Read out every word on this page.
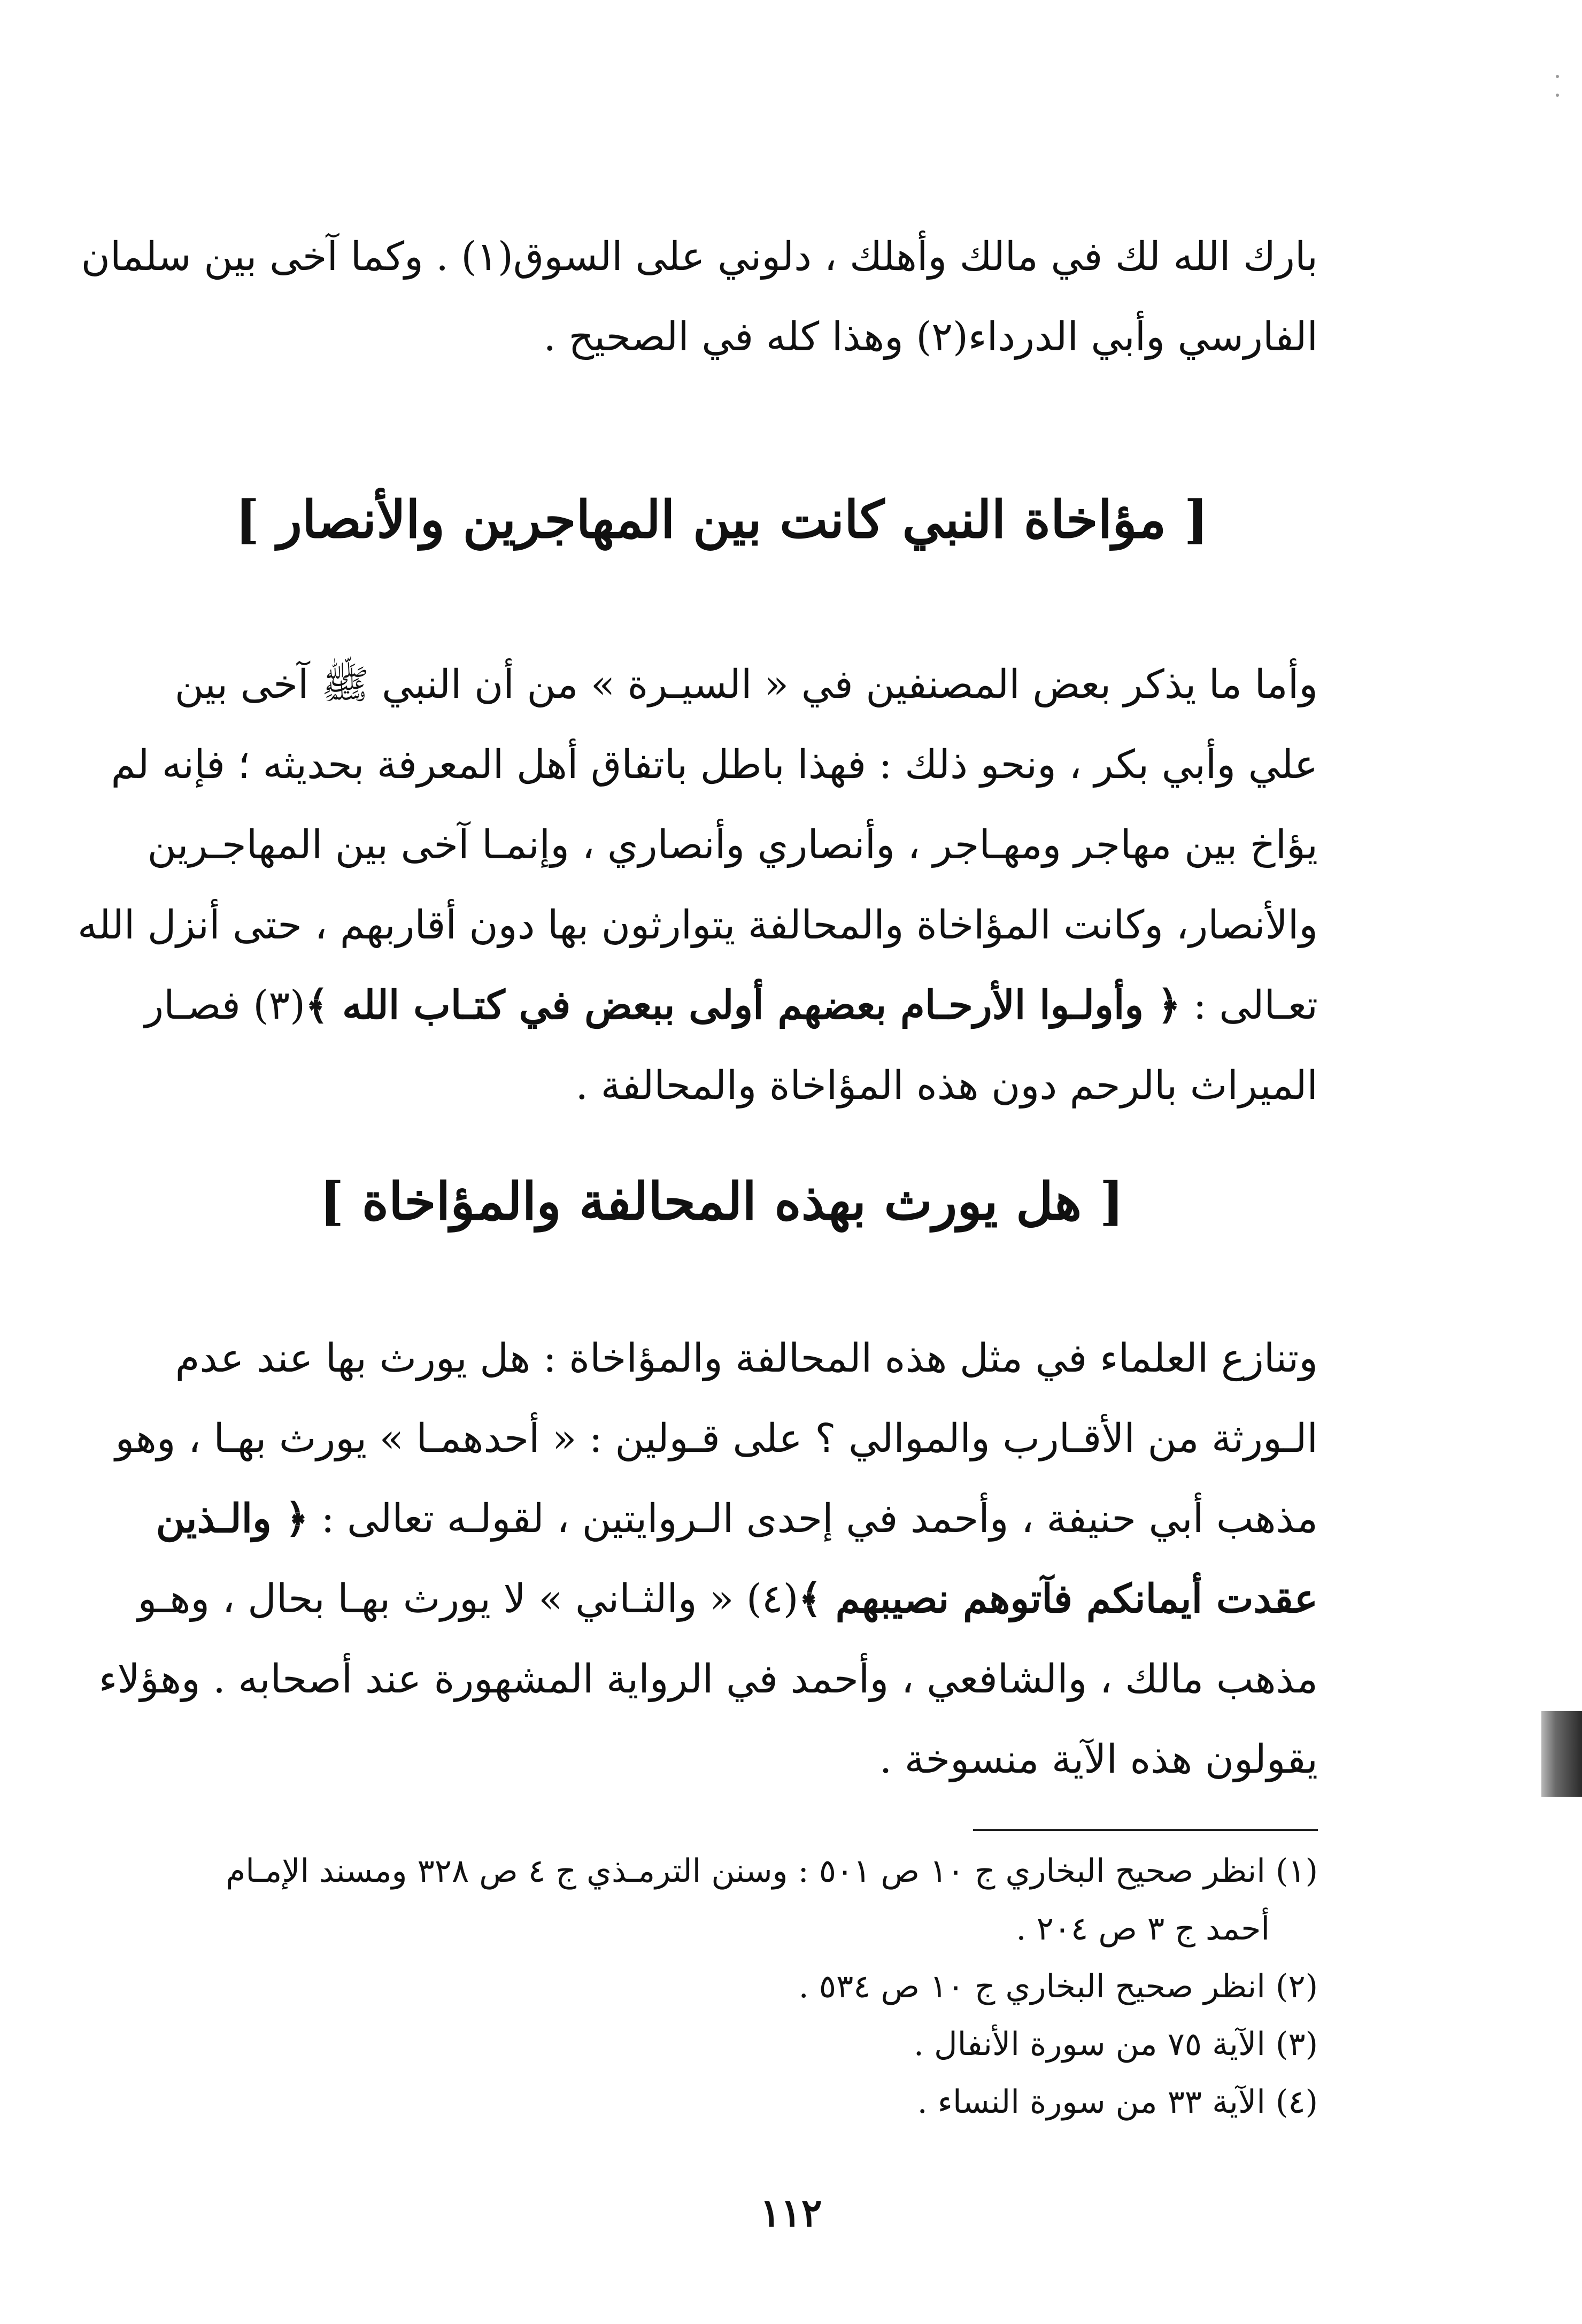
بارك الله لك في مالك وأهلك ، دلوني على السوق(١) . وكما آخى بين سلمان
الفارسي وأبي الدرداء(٢) وهذا كله في الصحيح .
[ مؤاخاة النبي كانت بين المهاجرين والأنصار ]
وأما ما يذكر بعض المصنفين في « السيـرة » من أن النبي ﷺ آخى بين
علي وأبي بكر ، ونحو ذلك : فهذا باطل باتفاق أهل المعرفة بحديثه ؛ فإنه لم
يؤاخ بين مهاجر ومهـاجر ، وأنصاري وأنصاري ، وإنمـا آخى بين المهاجـرين
والأنصار، وكانت المؤاخاة والمحالفة يتوارثون بها دون أقاربهم ، حتى أنزل الله
تعـالى : ﴿ وأولـوا الأرحـام بعضهم أولى ببعض في كتـاب الله ﴾(٣) فصـار
الميراث بالرحم دون هذه المؤاخاة والمحالفة .
[ هل يورث بهذه المحالفة والمؤاخاة ]
وتنازع العلماء في مثل هذه المحالفة والمؤاخاة : هل يورث بها عند عدم
الـورثة من الأقـارب والموالي ؟ على قـولين : « أحدهمـا » يورث بهـا ، وهو
مذهب أبي حنيفة ، وأحمد في إحدى الـروايتين ، لقولـه تعالى : ﴿ والـذين
عقدت أيمانكم فآتوهم نصيبهم ﴾(٤) « والثـاني » لا يورث بهـا بحال ، وهـو
مذهب مالك ، والشافعي ، وأحمد في الرواية المشهورة عند أصحابه . وهؤلاء
يقولون هذه الآية منسوخة .
(١) انظر صحيح البخاري ج ١٠ ص ٥٠١ : وسنن الترمـذي ج ٤ ص ٣٢٨ ومسند الإمـام
أحمد ج ٣ ص ٢٠٤ .
(٢) انظر صحيح البخاري ج ١٠ ص ٥٣٤ .
(٣) الآية ٧٥ من سورة الأنفال .
(٤) الآية ٣٣ من سورة النساء .
١١٢
